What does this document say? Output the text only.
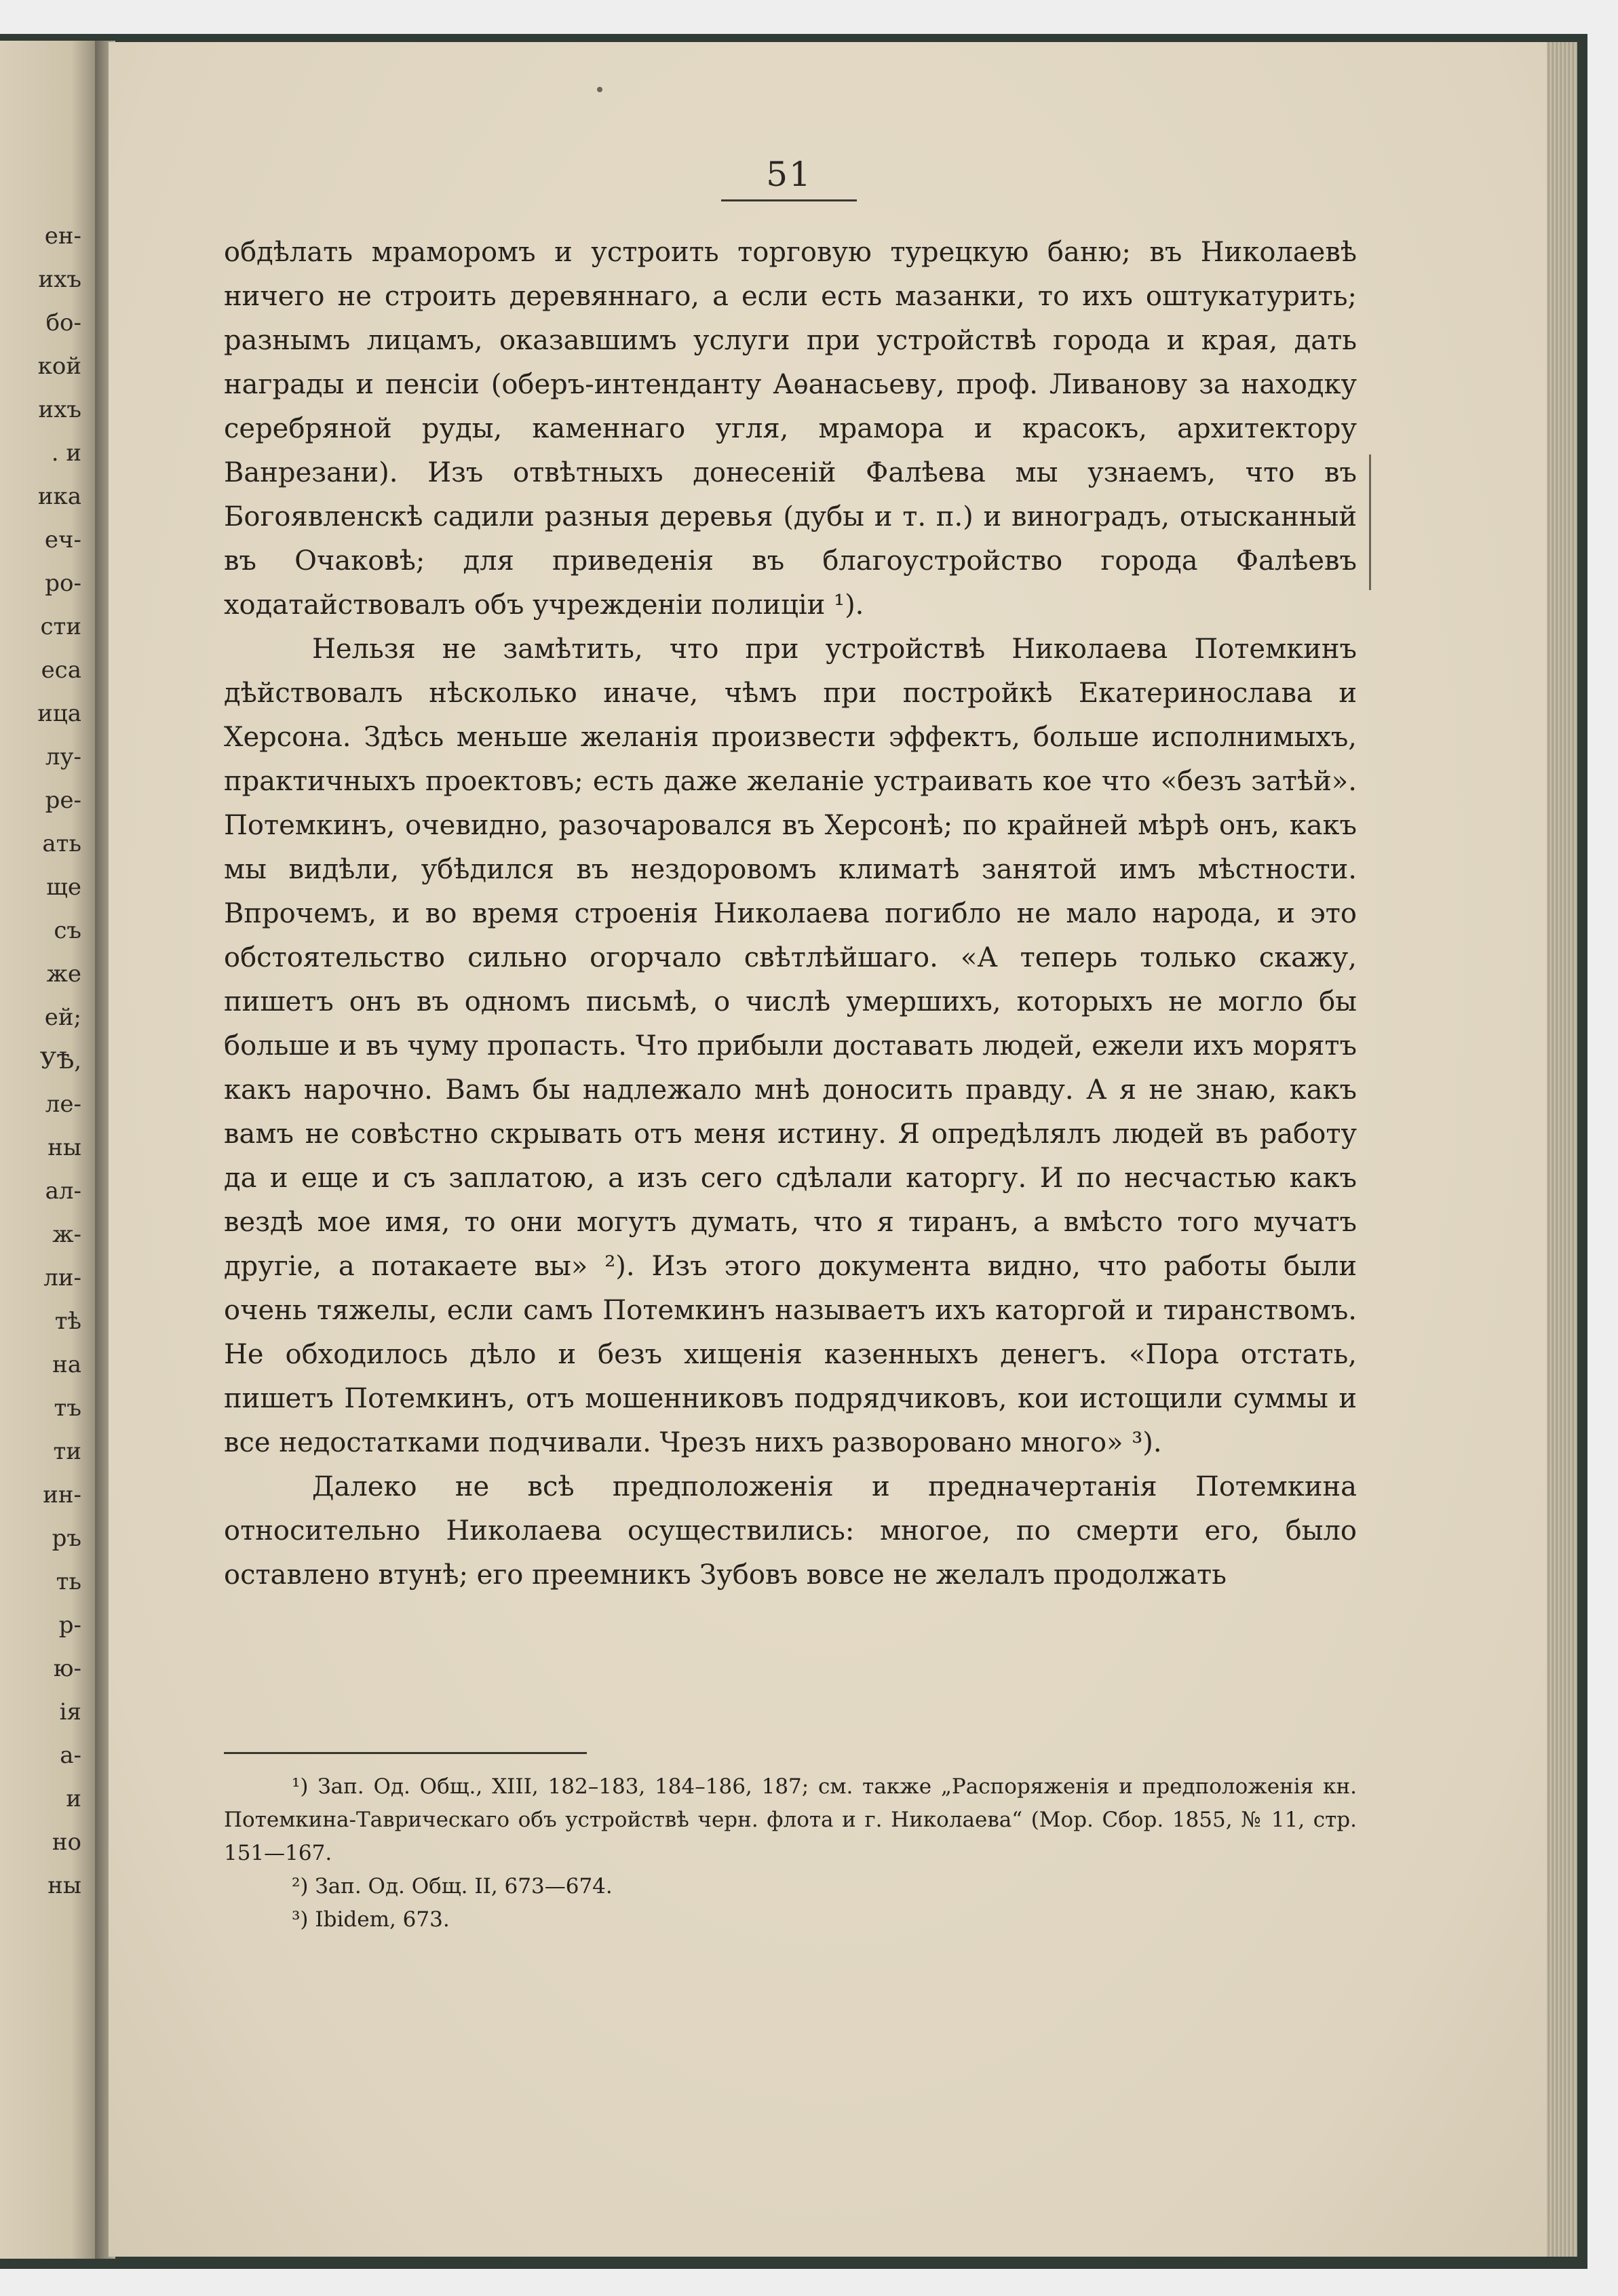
ен-
ихъ
бо-
кой
ихъ
. и
ика
еч-
ро-
сти
еса
ица
лу-
ре-
ать
ще
съ
же
ей;
УѢ,
ле-
ны
ал-
ж-
ли-
тѣ
на
тъ
ти
ин-
ръ
ть
р-
ю-
ія
а-
и
но
ны
51

обдѣлать мраморомъ и устроить торговую турецкую баню; въ Николаевѣ ничего не строить деревяннаго, а если есть мазанки, то ихъ оштукатурить; разнымъ лицамъ, оказавшимъ услуги при устройствѣ города и края, дать награды и пенсіи (оберъ-интенданту Аѳанасьеву, проф. Ливанову за находку серебряной руды, каменнаго угля, мрамора и красокъ, архитектору Ванрезани). Изъ отвѣтныхъ донесеній Фалѣева мы узнаемъ, что въ Богоявленскѣ садили разныя деревья (дубы и т. п.) и виноградъ, отысканный въ Очаковѣ; для приведенія въ благоустройство города Фалѣевъ ходатайствовалъ объ учрежденіи полиціи ¹).

Нельзя не замѣтить, что при устройствѣ Николаева Потемкинъ дѣйствовалъ нѣсколько иначе, чѣмъ при постройкѣ Екатеринослава и Херсона. Здѣсь меньше желанія произвести эффектъ, больше исполнимыхъ, практичныхъ проектовъ; есть даже желаніе устраивать кое что «безъ затѣй». Потемкинъ, очевидно, разочаровался въ Херсонѣ; по крайней мѣрѣ онъ, какъ мы видѣли, убѣдился въ нездоровомъ климатѣ занятой имъ мѣстности. Впрочемъ, и во время строенія Николаева погибло не мало народа, и это обстоятельство сильно огорчало свѣтлѣйшаго. «А теперь только скажу, пишетъ онъ въ одномъ письмѣ, о числѣ умершихъ, которыхъ не могло бы больше и въ чуму пропасть. Что прибыли доставать людей, ежели ихъ морятъ какъ нарочно. Вамъ бы надлежало мнѣ доносить правду. А я не знаю, какъ вамъ не совѣстно скрывать отъ меня истину. Я опредѣлялъ людей въ работу да и еще и съ заплатою, а изъ сего сдѣлали каторгу. И по несчастью какъ вездѣ мое имя, то они могутъ думать, что я тиранъ, а вмѣсто того мучатъ другіе, а потакаете вы» ²). Изъ этого документа видно, что работы были очень тяжелы, если самъ Потемкинъ называетъ ихъ каторгой и тиранствомъ. Не обходилось дѣло и безъ хищенія казенныхъ денегъ. «Пора отстать, пишетъ Потемкинъ, отъ мошенниковъ подрядчиковъ, кои истощили суммы и все недостатками подчивали. Чрезъ нихъ разворовано много» ³).

Далеко не всѣ предположенія и предначертанія Потемкина относительно Николаева осуществились: многое, по смерти его, было оставлено втунѣ; его преемникъ Зубовъ вовсе не желалъ продолжать

¹) Зап. Од. Общ., XIII, 182–183, 184–186, 187; см. также „Распоряженія и предположенія кн. Потемкина-Таврическаго объ устройствѣ черн. флота и г. Николаева“ (Мор. Сбор. 1855, № 11, стр. 151—167.

²) Зап. Од. Общ. II, 673—674.

³) Ibidem, 673.
